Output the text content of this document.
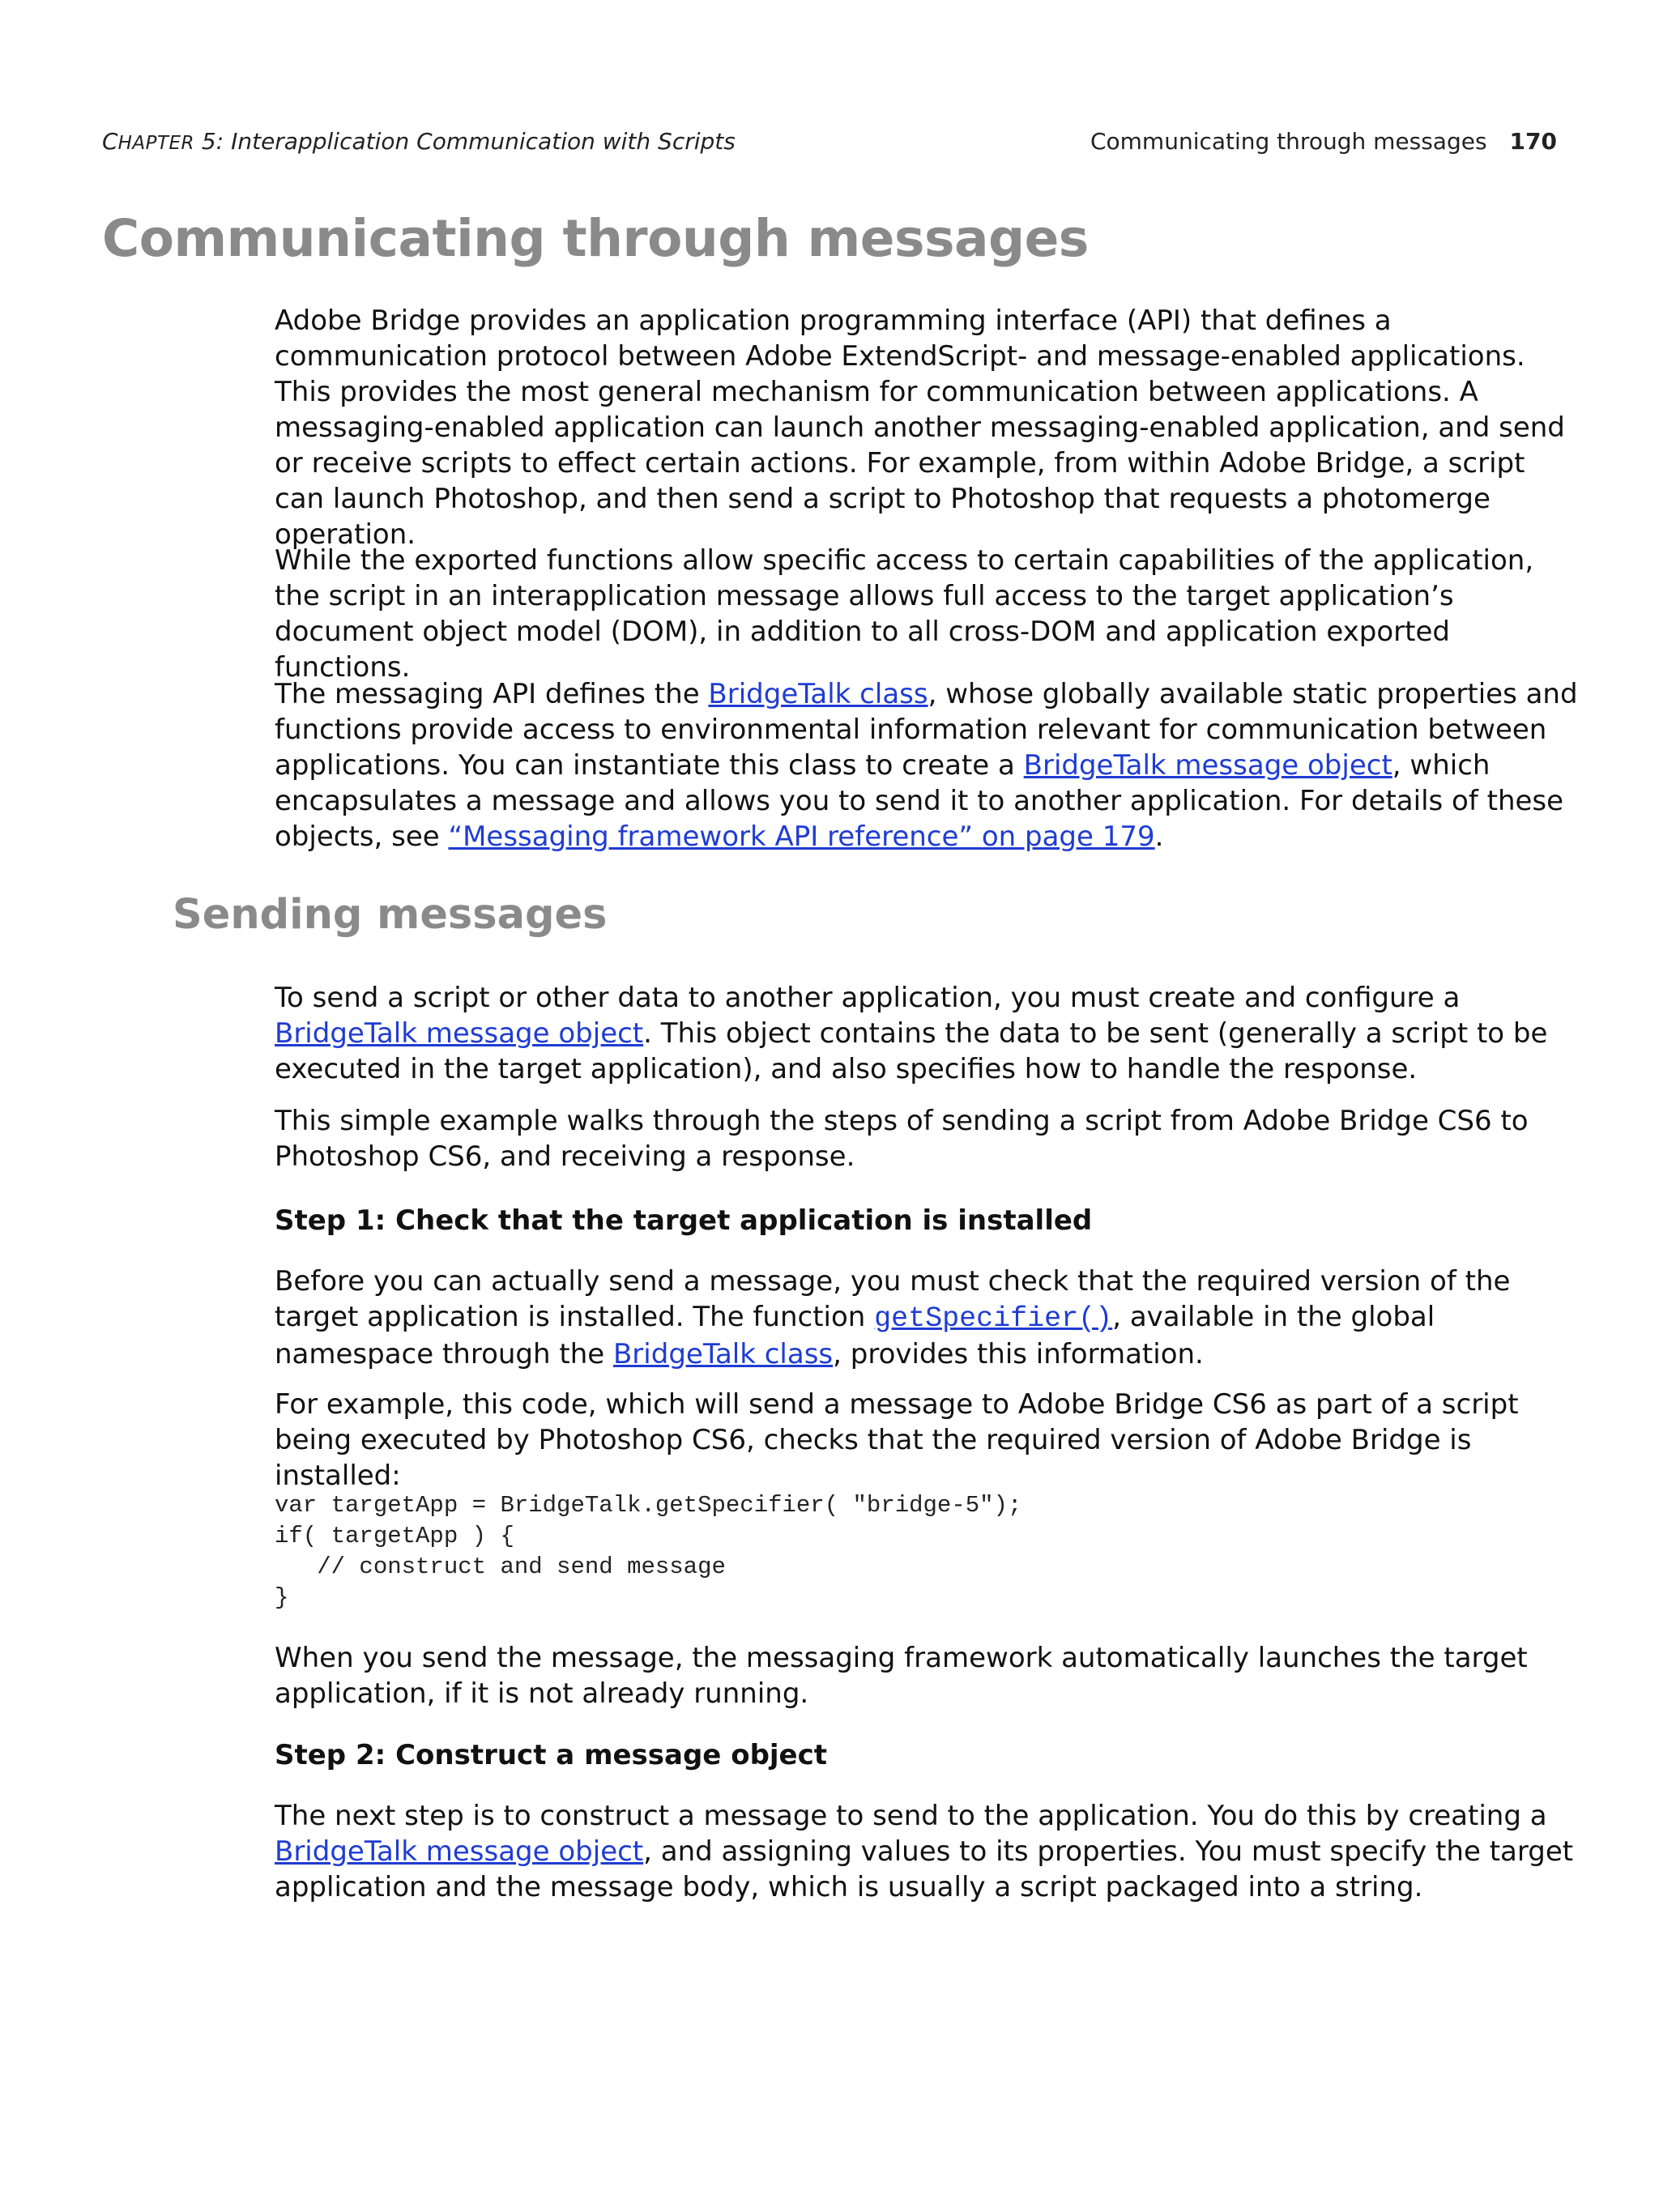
CHAPTER 5: Interapplication Communication with Scripts	Communicating through messages 170
Communicating through messages

Adobe Bridge provides an application programming interface (API) that defines a communication protocol between Adobe ExtendScript- and message-enabled applications. This provides the most general mechanism for communication between applications. A messaging-enabled application can launch another messaging-enabled application, and send or receive scripts to effect certain actions. For example, from within Adobe Bridge, a script can launch Photoshop, and then send a script to Photoshop that requests a photomerge operation.

While the exported functions allow specific access to certain capabilities of the application, the script in an interapplication message allows full access to the target application’s document object model (DOM), in addition to all cross-DOM and application exported functions.

The messaging API defines the BridgeTalk class, whose globally available static properties and functions provide access to environmental information relevant for communication between applications. You can instantiate this class to create a BridgeTalk message object, which encapsulates a message and allows you to send it to another application. For details of these objects, see “Messaging framework API reference” on page 179.

Sending messages

To send a script or other data to another application, you must create and configure a BridgeTalk message object. This object contains the data to be sent (generally a script to be executed in the target application), and also specifies how to handle the response.

This simple example walks through the steps of sending a script from Adobe Bridge CS6 to Photoshop CS6, and receiving a response.

Step 1: Check that the target application is installed

Before you can actually send a message, you must check that the required version of the target application is installed. The function getSpecifier(), available in the global namespace through the BridgeTalk class, provides this information.

For example, this code, which will send a message to Adobe Bridge CS6 as part of a script being executed by Photoshop CS6, checks that the required version of Adobe Bridge is installed:

var targetApp = BridgeTalk.getSpecifier( "bridge-5");
if( targetApp ) {
// construct and send message
}

When you send the message, the messaging framework automatically launches the target application, if it is not already running.

Step 2: Construct a message object

The next step is to construct a message to send to the application. You do this by creating a BridgeTalk message object, and assigning values to its properties. You must specify the target application and the message body, which is usually a script packaged into a string.
